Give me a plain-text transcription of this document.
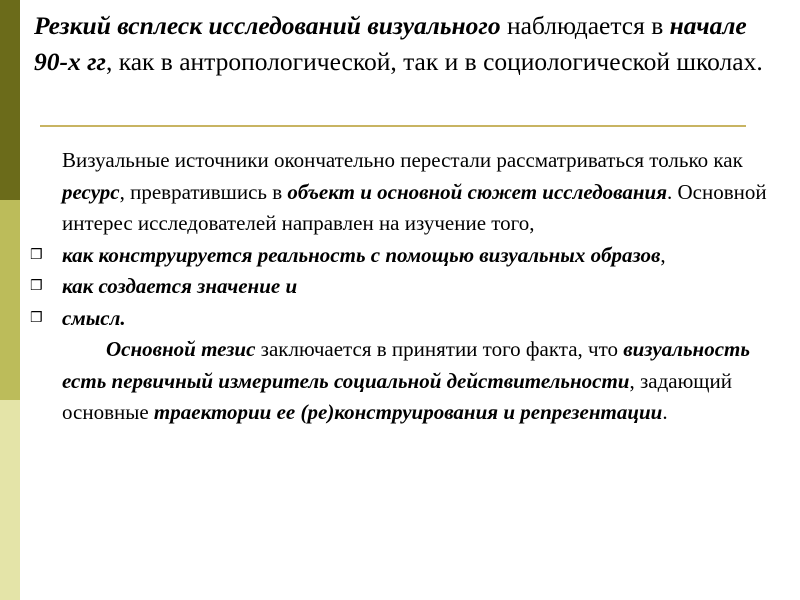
Резкий всплеск исследований визуального наблюдается в начале 90-х гг, как в антропологической, так и в социологической школах.

Визуальные источники окончательно перестали рассматриваться только как ресурс, превратившись в объект и основной сюжет исследования. Основной интерес исследователей направлен на изучение того,

❒ как конструируется реальность с помощью визуальных образов,

❒ как создается значение и

❒ смысл.

Основной тезис заключается в принятии того факта, что визуальность есть первичный измеритель социальной действительности, задающий основные траектории ее (ре)конструирования и репрезентации.
